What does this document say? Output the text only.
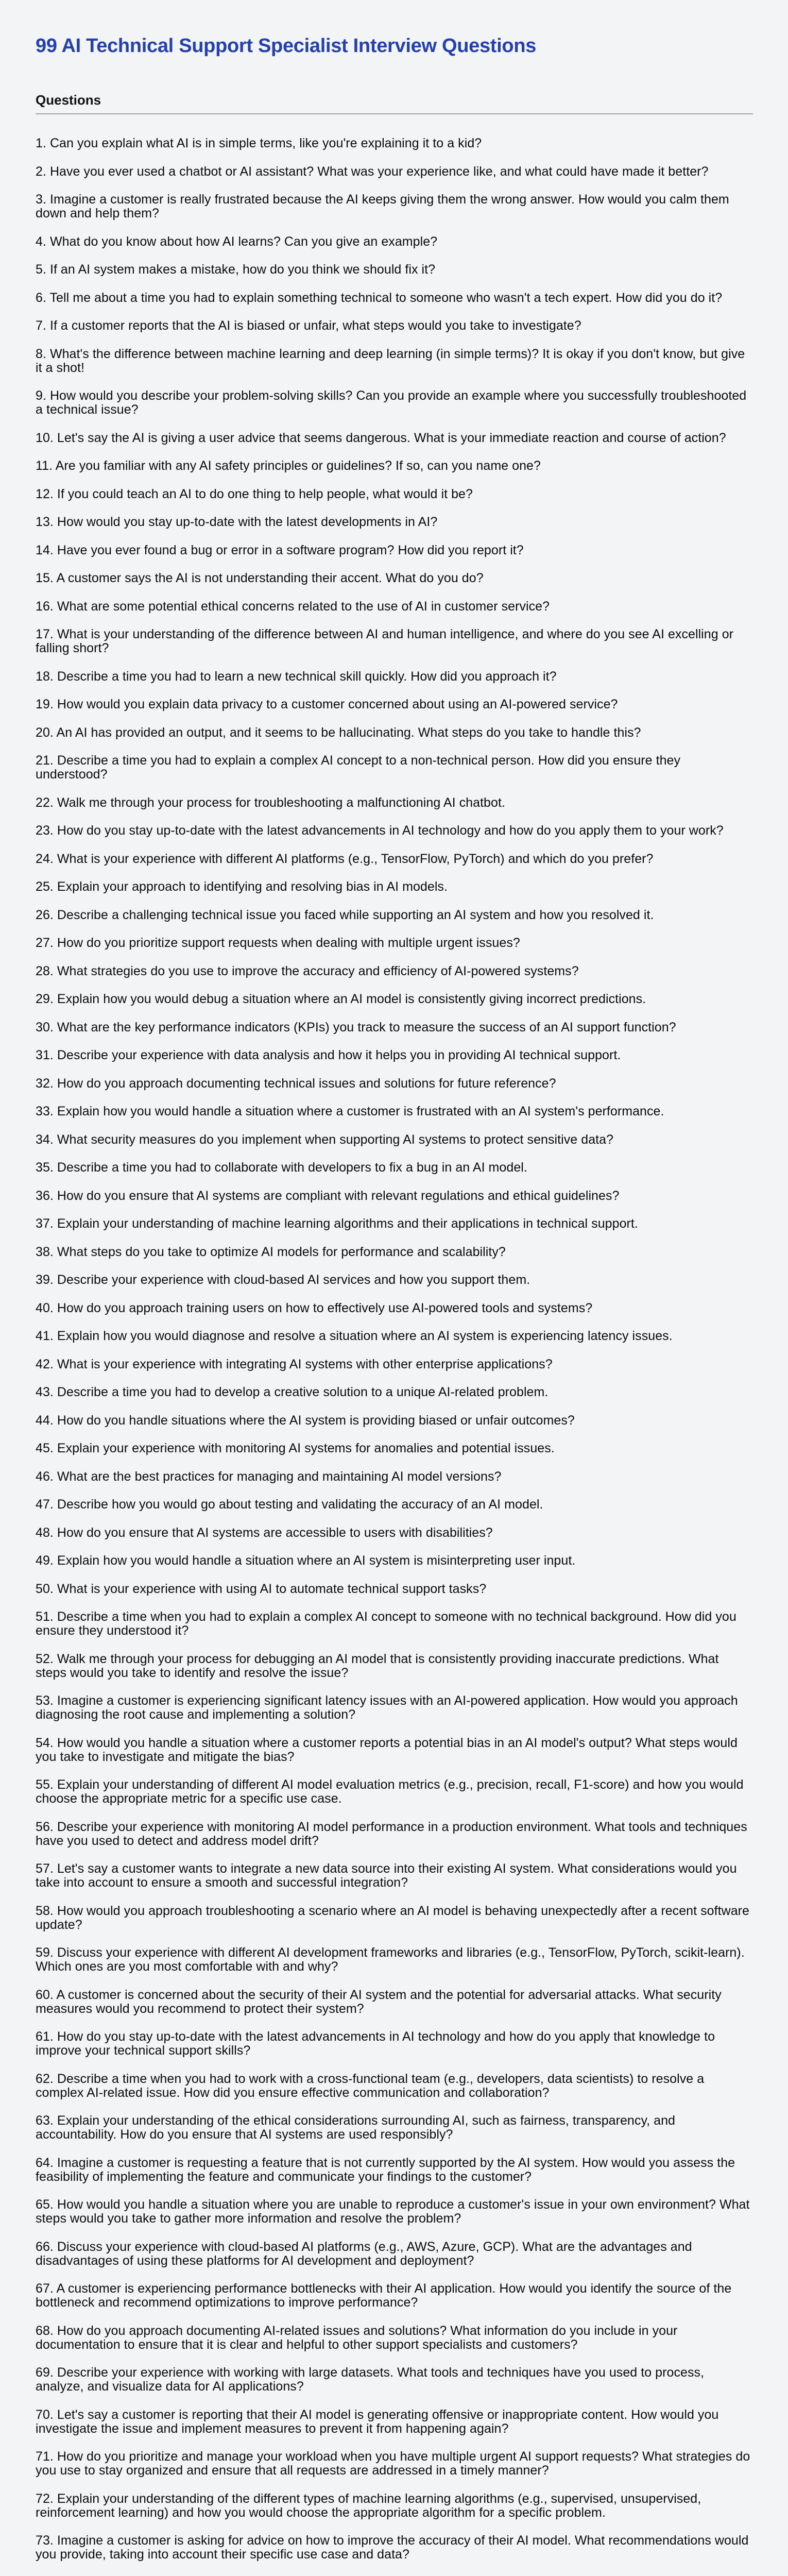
99 AI Technical Support Specialist Interview Questions
Questions
1. Can you explain what AI is in simple terms, like you're explaining it to a kid?
2. Have you ever used a chatbot or AI assistant? What was your experience like, and what could have made it better?
3. Imagine a customer is really frustrated because the AI keeps giving them the wrong answer. How would you calm them down and help them?
4. What do you know about how AI learns? Can you give an example?
5. If an AI system makes a mistake, how do you think we should fix it?
6. Tell me about a time you had to explain something technical to someone who wasn't a tech expert. How did you do it?
7. If a customer reports that the AI is biased or unfair, what steps would you take to investigate?
8. What's the difference between machine learning and deep learning (in simple terms)? It is okay if you don't know, but give it a shot!
9. How would you describe your problem-solving skills? Can you provide an example where you successfully troubleshooted a technical issue?
10. Let's say the AI is giving a user advice that seems dangerous. What is your immediate reaction and course of action?
11. Are you familiar with any AI safety principles or guidelines? If so, can you name one?
12. If you could teach an AI to do one thing to help people, what would it be?
13. How would you stay up-to-date with the latest developments in AI?
14. Have you ever found a bug or error in a software program? How did you report it?
15. A customer says the AI is not understanding their accent. What do you do?
16. What are some potential ethical concerns related to the use of AI in customer service?
17. What is your understanding of the difference between AI and human intelligence, and where do you see AI excelling or falling short?
18. Describe a time you had to learn a new technical skill quickly. How did you approach it?
19. How would you explain data privacy to a customer concerned about using an AI-powered service?
20. An AI has provided an output, and it seems to be hallucinating. What steps do you take to handle this?
21. Describe a time you had to explain a complex AI concept to a non-technical person. How did you ensure they understood?
22. Walk me through your process for troubleshooting a malfunctioning AI chatbot.
23. How do you stay up-to-date with the latest advancements in AI technology and how do you apply them to your work?
24. What is your experience with different AI platforms (e.g., TensorFlow, PyTorch) and which do you prefer?
25. Explain your approach to identifying and resolving bias in AI models.
26. Describe a challenging technical issue you faced while supporting an AI system and how you resolved it.
27. How do you prioritize support requests when dealing with multiple urgent issues?
28. What strategies do you use to improve the accuracy and efficiency of AI-powered systems?
29. Explain how you would debug a situation where an AI model is consistently giving incorrect predictions.
30. What are the key performance indicators (KPIs) you track to measure the success of an AI support function?
31. Describe your experience with data analysis and how it helps you in providing AI technical support.
32. How do you approach documenting technical issues and solutions for future reference?
33. Explain how you would handle a situation where a customer is frustrated with an AI system's performance.
34. What security measures do you implement when supporting AI systems to protect sensitive data?
35. Describe a time you had to collaborate with developers to fix a bug in an AI model.
36. How do you ensure that AI systems are compliant with relevant regulations and ethical guidelines?
37. Explain your understanding of machine learning algorithms and their applications in technical support.
38. What steps do you take to optimize AI models for performance and scalability?
39. Describe your experience with cloud-based AI services and how you support them.
40. How do you approach training users on how to effectively use AI-powered tools and systems?
41. Explain how you would diagnose and resolve a situation where an AI system is experiencing latency issues.
42. What is your experience with integrating AI systems with other enterprise applications?
43. Describe a time you had to develop a creative solution to a unique AI-related problem.
44. How do you handle situations where the AI system is providing biased or unfair outcomes?
45. Explain your experience with monitoring AI systems for anomalies and potential issues.
46. What are the best practices for managing and maintaining AI model versions?
47. Describe how you would go about testing and validating the accuracy of an AI model.
48. How do you ensure that AI systems are accessible to users with disabilities?
49. Explain how you would handle a situation where an AI system is misinterpreting user input.
50. What is your experience with using AI to automate technical support tasks?
51. Describe a time when you had to explain a complex AI concept to someone with no technical background. How did you ensure they understood it?
52. Walk me through your process for debugging an AI model that is consistently providing inaccurate predictions. What steps would you take to identify and resolve the issue?
53. Imagine a customer is experiencing significant latency issues with an AI-powered application. How would you approach diagnosing the root cause and implementing a solution?
54. How would you handle a situation where a customer reports a potential bias in an AI model's output? What steps would you take to investigate and mitigate the bias?
55. Explain your understanding of different AI model evaluation metrics (e.g., precision, recall, F1-score) and how you would choose the appropriate metric for a specific use case.
56. Describe your experience with monitoring AI model performance in a production environment. What tools and techniques have you used to detect and address model drift?
57. Let's say a customer wants to integrate a new data source into their existing AI system. What considerations would you take into account to ensure a smooth and successful integration?
58. How would you approach troubleshooting a scenario where an AI model is behaving unexpectedly after a recent software update?
59. Discuss your experience with different AI development frameworks and libraries (e.g., TensorFlow, PyTorch, scikit-learn). Which ones are you most comfortable with and why?
60. A customer is concerned about the security of their AI system and the potential for adversarial attacks. What security measures would you recommend to protect their system?
61. How do you stay up-to-date with the latest advancements in AI technology and how do you apply that knowledge to improve your technical support skills?
62. Describe a time when you had to work with a cross-functional team (e.g., developers, data scientists) to resolve a complex AI-related issue. How did you ensure effective communication and collaboration?
63. Explain your understanding of the ethical considerations surrounding AI, such as fairness, transparency, and accountability. How do you ensure that AI systems are used responsibly?
64. Imagine a customer is requesting a feature that is not currently supported by the AI system. How would you assess the feasibility of implementing the feature and communicate your findings to the customer?
65. How would you handle a situation where you are unable to reproduce a customer's issue in your own environment? What steps would you take to gather more information and resolve the problem?
66. Discuss your experience with cloud-based AI platforms (e.g., AWS, Azure, GCP). What are the advantages and disadvantages of using these platforms for AI development and deployment?
67. A customer is experiencing performance bottlenecks with their AI application. How would you identify the source of the bottleneck and recommend optimizations to improve performance?
68. How do you approach documenting AI-related issues and solutions? What information do you include in your documentation to ensure that it is clear and helpful to other support specialists and customers?
69. Describe your experience with working with large datasets. What tools and techniques have you used to process, analyze, and visualize data for AI applications?
70. Let's say a customer is reporting that their AI model is generating offensive or inappropriate content. How would you investigate the issue and implement measures to prevent it from happening again?
71. How do you prioritize and manage your workload when you have multiple urgent AI support requests? What strategies do you use to stay organized and ensure that all requests are addressed in a timely manner?
72. Explain your understanding of the different types of machine learning algorithms (e.g., supervised, unsupervised, reinforcement learning) and how you would choose the appropriate algorithm for a specific problem.
73. Imagine a customer is asking for advice on how to improve the accuracy of their AI model. What recommendations would you provide, taking into account their specific use case and data?
